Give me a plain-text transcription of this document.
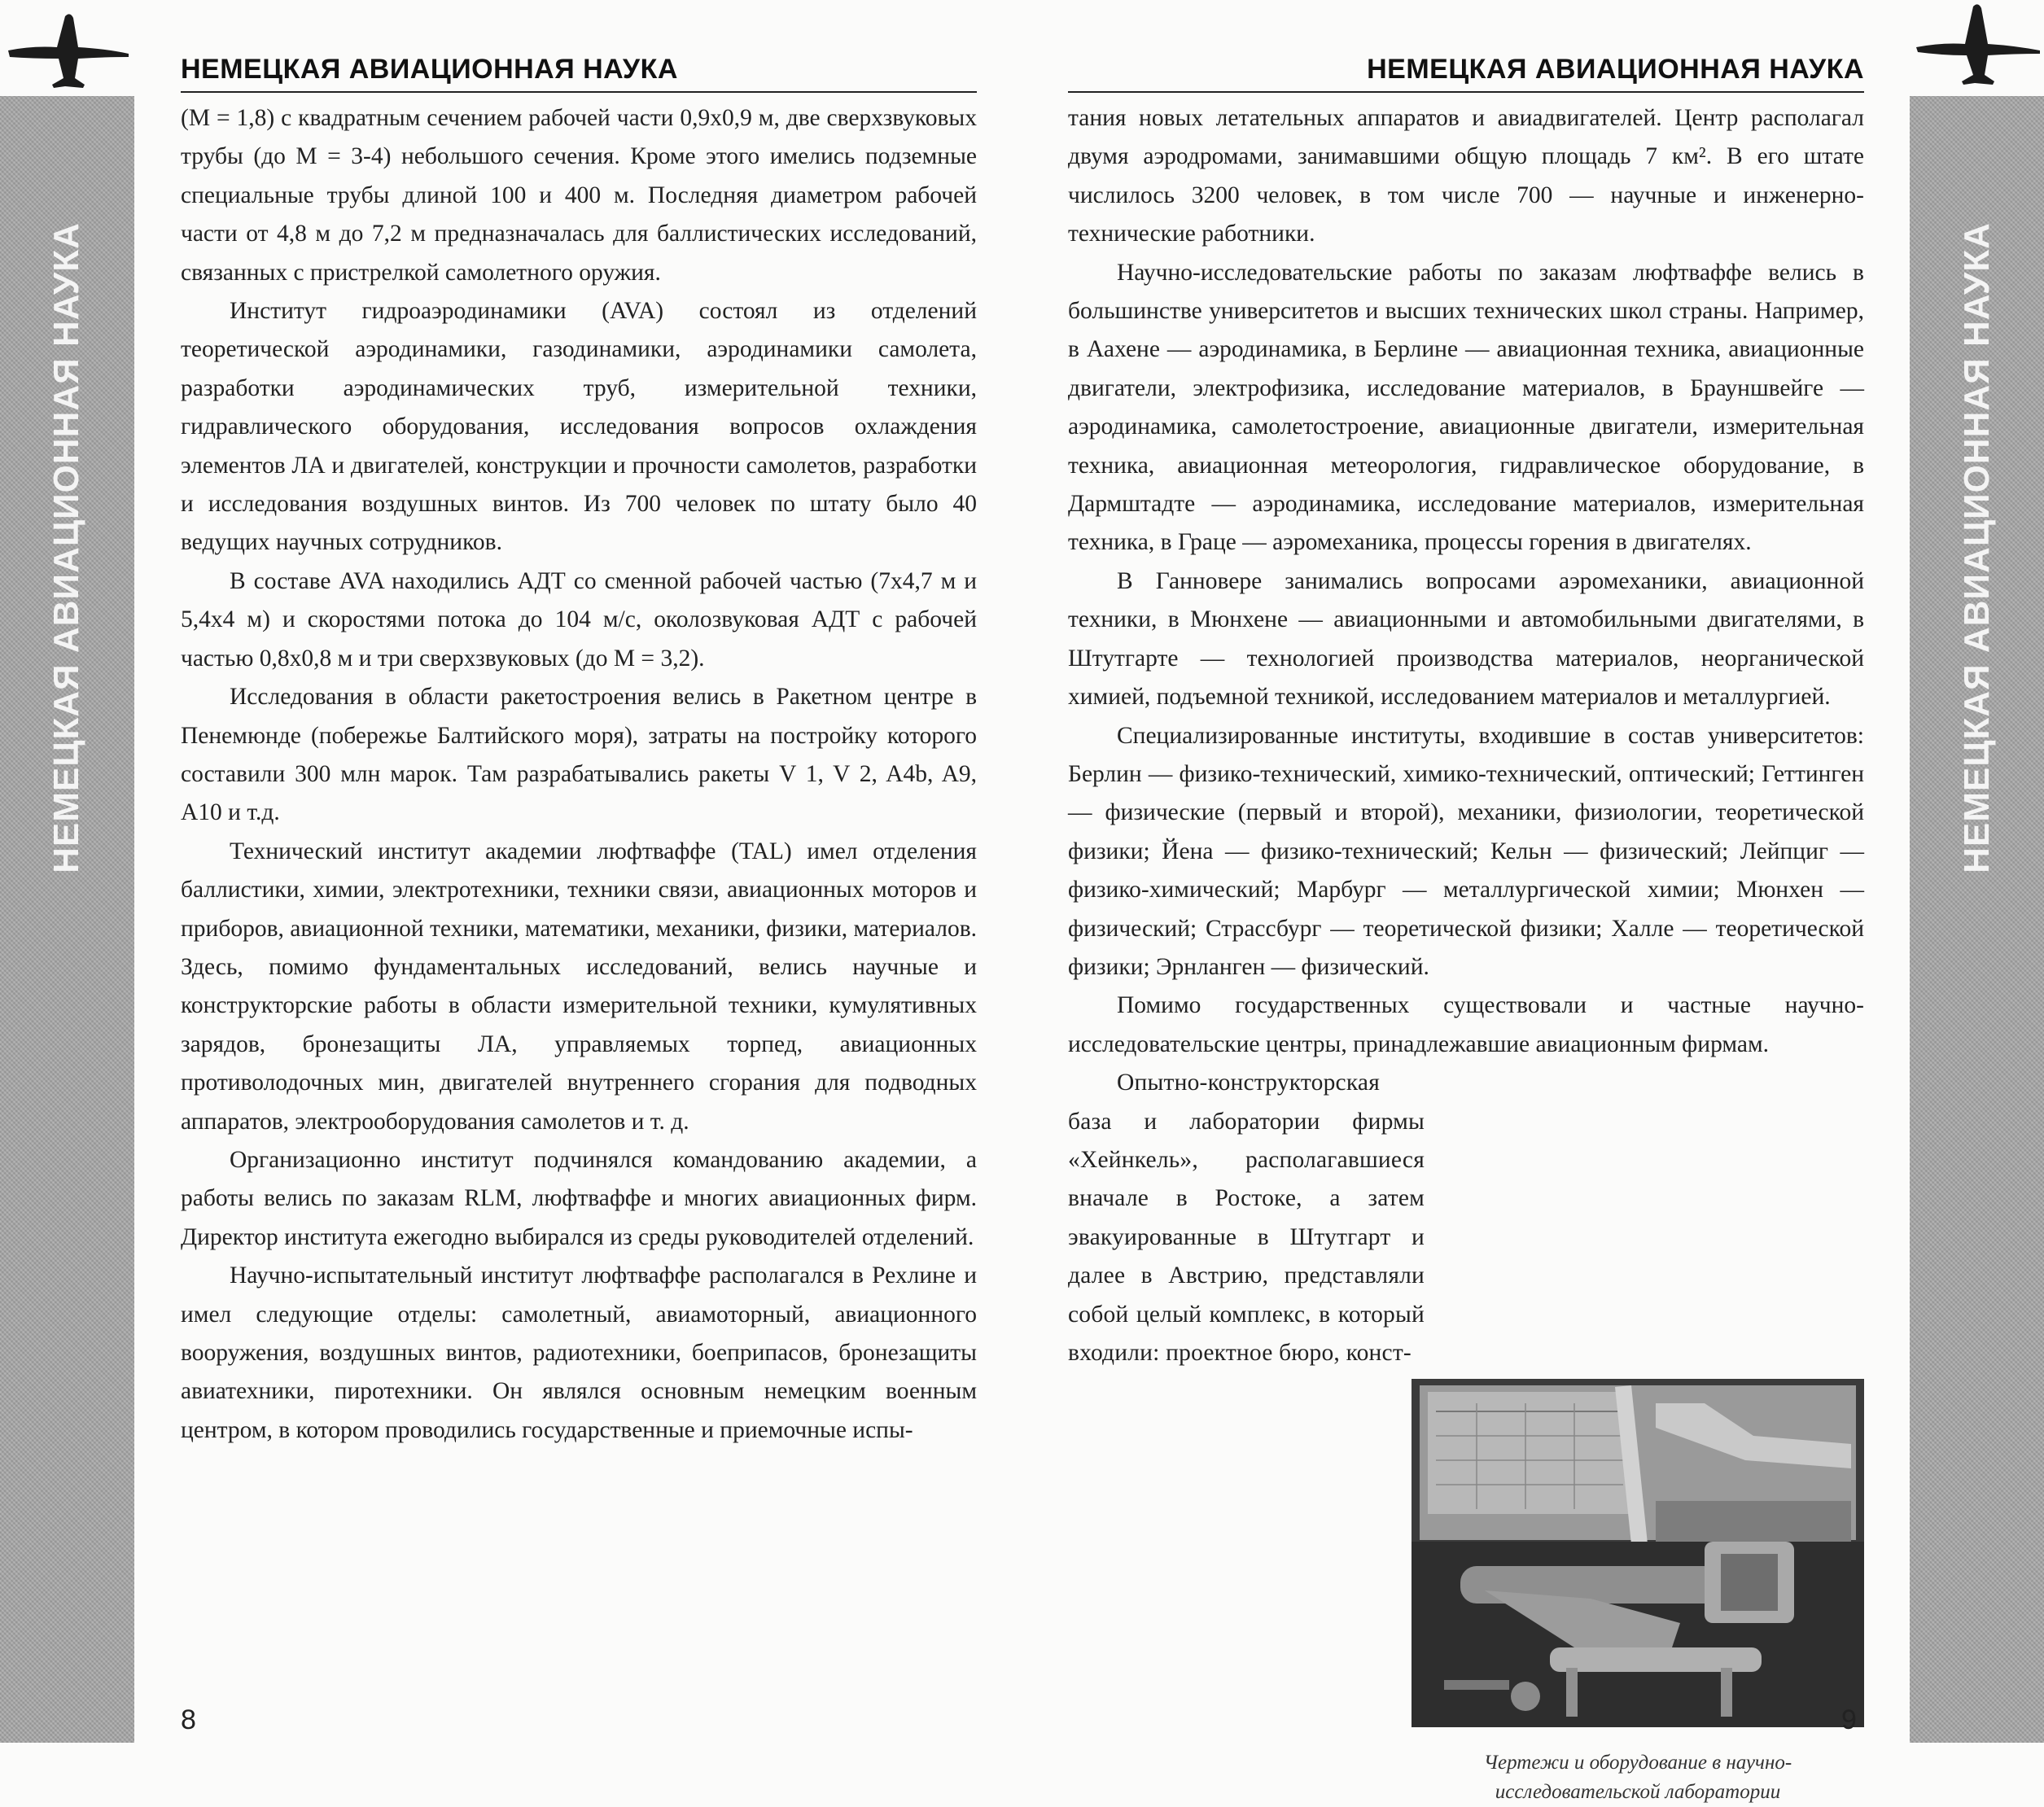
НЕМЕЦКАЯ АВИАЦИОННАЯ НАУКА	НЕМЕЦКАЯ АВИАЦИОННАЯ НАУКА
НЕМЕЦКАЯ АВИАЦИОННАЯ НАУКА	НЕМЕЦКАЯ АВИАЦИОННАЯ НАУКА

(M = 1,8) с квадратным сечением рабочей части 0,9х0,9 м, две сверхзвуковых трубы (до M = 3-4) небольшого сечения. Кроме этого имелись подземные специальные трубы длиной 100 и 400 м. Последняя диаметром рабочей части от 4,8 м до 7,2 м предназначалась для баллистических исследований, связанных с пристрелкой самолетного оружия.

Институт гидроаэродинамики (AVA) состоял из отделений теоретической аэродинамики, газодинамики, аэродинамики самолета, разработки аэродинамических труб, измерительной техники, гидравлического оборудования, исследования вопросов охлаждения элементов ЛА и двигателей, конструкции и прочности самолетов, разработки и исследования воздушных винтов. Из 700 человек по штату было 40 ведущих научных сотрудников.

В составе AVA находились АДТ со сменной рабочей частью (7х4,7 м и 5,4х4 м) и скоростями потока до 104 м/с, околозвуковая АДТ с рабочей частью 0,8х0,8 м и три сверхзвуковых (до M = 3,2).

Исследования в области ракетостроения велись в Ракетном центре в Пенемюнде (побережье Балтийского моря), затраты на постройку которого составили 300 млн марок. Там разрабатывались ракеты V 1, V 2, A4b, A9, A10 и т.д.

Технический институт академии люфтваффе (TAL) имел отделения баллистики, химии, электротехники, техники связи, авиационных моторов и приборов, авиационной техники, математики, механики, физики, материалов. Здесь, помимо фундаментальных исследований, велись научные и конструкторские работы в области измерительной техники, кумулятивных зарядов, бронезащиты ЛА, управляемых торпед, авиационных противолодочных мин, двигателей внутреннего сгорания для подводных аппаратов, электрооборудования самолетов и т. д.

Организационно институт подчинялся командованию академии, а работы велись по заказам RLM, люфтваффе и многих авиационных фирм. Директор института ежегодно выбирался из среды руководителей отделений.

Научно-испытательный институт люфтваффе располагался в Рехлине и имел следующие отделы: самолетный, авиамоторный, авиационного вооружения, воздушных винтов, радиотехники, боеприпасов, бронезащиты авиатехники, пиротехники. Он являлся основным немецким военным центром, в котором проводились государственные и приемочные испы-

тания новых летательных аппаратов и авиадвигателей. Центр располагал двумя аэродромами, занимавшими общую площадь 7 км². В его штате числилось 3200 человек, в том числе 700 — научные и инженерно-технические работники.

Научно-исследовательские работы по заказам люфтваффе велись в большинстве университетов и высших технических школ страны. Например, в Аахене — аэродинамика, в Берлине — авиационная техника, авиационные двигатели, электрофизика, исследование материалов, в Брауншвейге — аэродинамика, самолетостроение, авиационные двигатели, измерительная техника, авиационная метеорология, гидравлическое оборудование, в Дармштадте — аэродинамика, исследование материалов, измерительная техника, в Граце — аэромеханика, процессы горения в двигателях.

В Ганновере занимались вопросами аэромеханики, авиационной техники, в Мюнхене — авиационными и автомобильными двигателями, в Штутгарте — технологией производства материалов, неорганической химией, подъемной техникой, исследованием материалов и металлургией.

Специализированные институты, входившие в состав университетов: Берлин — физико-технический, химико-технический, оптический; Геттинген — физические (первый и второй), механики, физиологии, теоретической физики; Йена — физико-технический; Кельн — физический; Лейпциг — физико-химический; Марбург — металлургической химии; Мюнхен — физический; Страссбург — теоретической физики; Халле — теоретической физики; Эрнланген — физический.

Помимо государственных существовали и частные научно-исследовательские центры, принадлежавшие авиационным фирмам.

Опытно-конструкторская база и лаборатории фирмы «Хейнкель», располагавшиеся вначале в Ростоке, а затем эвакуированные в Штутгарт и далее в Австрию, представляли собой целый комплекс, в который входили: проектное бюро, конст-

Чертежи и оборудование в научно-исследовательской лаборатории
8	9
